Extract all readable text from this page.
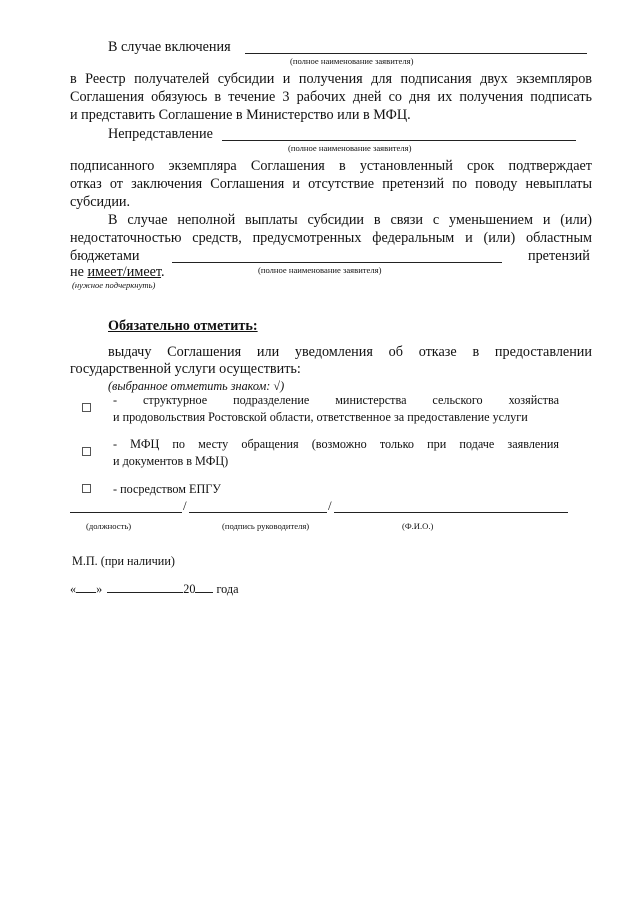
В случае включения
(полное наименование заявителя)
в Реестр получателей субсидии и получения для подписания двух экземпляров
Соглашения обязуюсь в течение 3 рабочих дней со дня их получения подписать
и представить Соглашение в Министерство или в МФЦ.
Непредставление
(полное наименование заявителя)
подписанного экземпляра Соглашения в установленный срок подтверждает
отказ от заключения Соглашения и отсутствие претензий по поводу невыплаты
субсидии.
В случае неполной выплаты субсидии в связи с уменьшением и (или)
недостаточностью средств, предусмотренных федеральным и (или) областным
бюджетами	претензий
(полное наименование заявителя)
не имеет/имеет.
(нужное подчеркнуть)
Обязательно отметить:
выдачу Соглашения или уведомления об отказе в предоставлении
государственной услуги осуществить:
(выбранное отметить знаком: √)
- структурное подразделение министерства сельского хозяйства
и продовольствия Ростовской области, ответственное за предоставление услуги
- МФЦ по месту обращения (возможно только при подаче заявления
и документов в МФЦ)
- посредством ЕПГУ
/	/
(должность)	(подпись руководителя)	(Ф.И.О.)
М.П. (при наличии)
« »	20 года
